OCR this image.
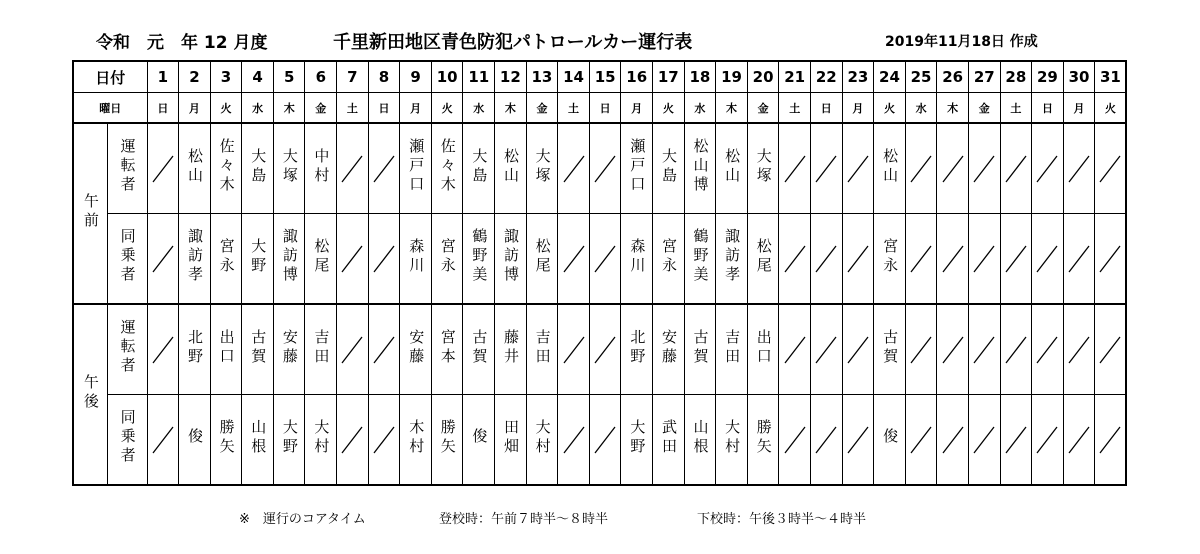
令和　元　年 12 月度	千里新田地区青色防犯パトロールカー運行表	2019年11月18日 作成
日付		1	2	3	4	5	6	7	8	9	10	11	12	13	14	15	16	17	18	19	20	21	22	23	24	25	26	27	28	29	30	31
曜日		日	月	火	水	木	金	土	日	月	火	水	木	金	土	日	月	火	水	木	金	土	日	月	火	水	木	金	土	日	月	火
午前	運転者		松山	佐々木	大島	大塚	中村			瀬戸口	佐々木	大島	松山	大塚			瀬戸口	大島	松山博	松山	大塚				松山	

	同乗者		諏訪孝	宮永	大野	諏訪博	松尾			森川	宮永	鶴野美	諏訪博	松尾			森川	宮永	鶴野美	諏訪孝	松尾				宮永	

午後	運転者		北野	出口	古賀	安藤	吉田			安藤	宮本	古賀	藤井	吉田			北野	安藤	古賀	吉田	出口				古賀	

	同乗者		俊	勝矢	山根	大野	大村			木村	勝矢	俊	田畑	大村			大野	武田	山根	大村	勝矢				俊	

※　運行のコアタイム	登校時：午前７時半～８時半	下校時：午後３時半～４時半
